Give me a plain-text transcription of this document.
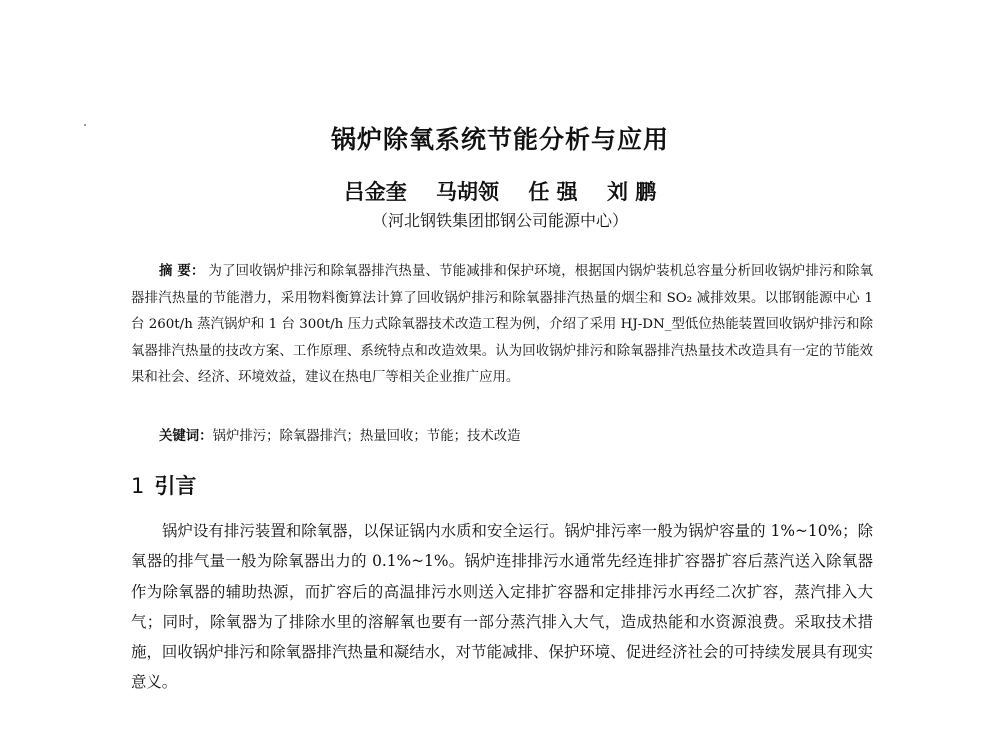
锅炉除氧系统节能分析与应用
吕金奎 马胡领 任 强 刘 鹏
（河北钢铁集团邯钢公司能源中心）
摘 要： 为了回收锅炉排污和除氧器排汽热量、节能减排和保护环境，根据国内锅炉装机总容量分析回收锅炉排污和除氧器排汽热量的节能潜力，采用物料衡算法计算了回收锅炉排污和除氧器排汽热量的烟尘和 SO₂ 减排效果。以邯钢能源中心 1 台 260t/h 蒸汽锅炉和 1 台 300t/h 压力式除氧器技术改造工程为例，介绍了采用 HJ-DN_型低位热能装置回收锅炉排污和除氧器排汽热量的技改方案、工作原理、系统特点和改造效果。认为回收锅炉排污和除氧器排汽热量技术改造具有一定的节能效果和社会、经济、环境效益，建议在热电厂等相关企业推广应用。
关键词：锅炉排污；除氧器排汽；热量回收；节能；技术改造
1 引言
锅炉设有排污装置和除氧器，以保证锅内水质和安全运行。锅炉排污率一般为锅炉容量的 1%~10%；除氧器的排气量一般为除氧器出力的 0.1%~1%。锅炉连排排污水通常先经连排扩容器扩容后蒸汽送入除氧器作为除氧器的辅助热源，而扩容后的高温排污水则送入定排扩容器和定排排污水再经二次扩容，蒸汽排入大气；同时，除氧器为了排除水里的溶解氧也要有一部分蒸汽排入大气，造成热能和水资源浪费。采取技术措施，回收锅炉排污和除氧器排汽热量和凝结水，对节能减排、保护环境、促进经济社会的可持续发展具有现实意义。
